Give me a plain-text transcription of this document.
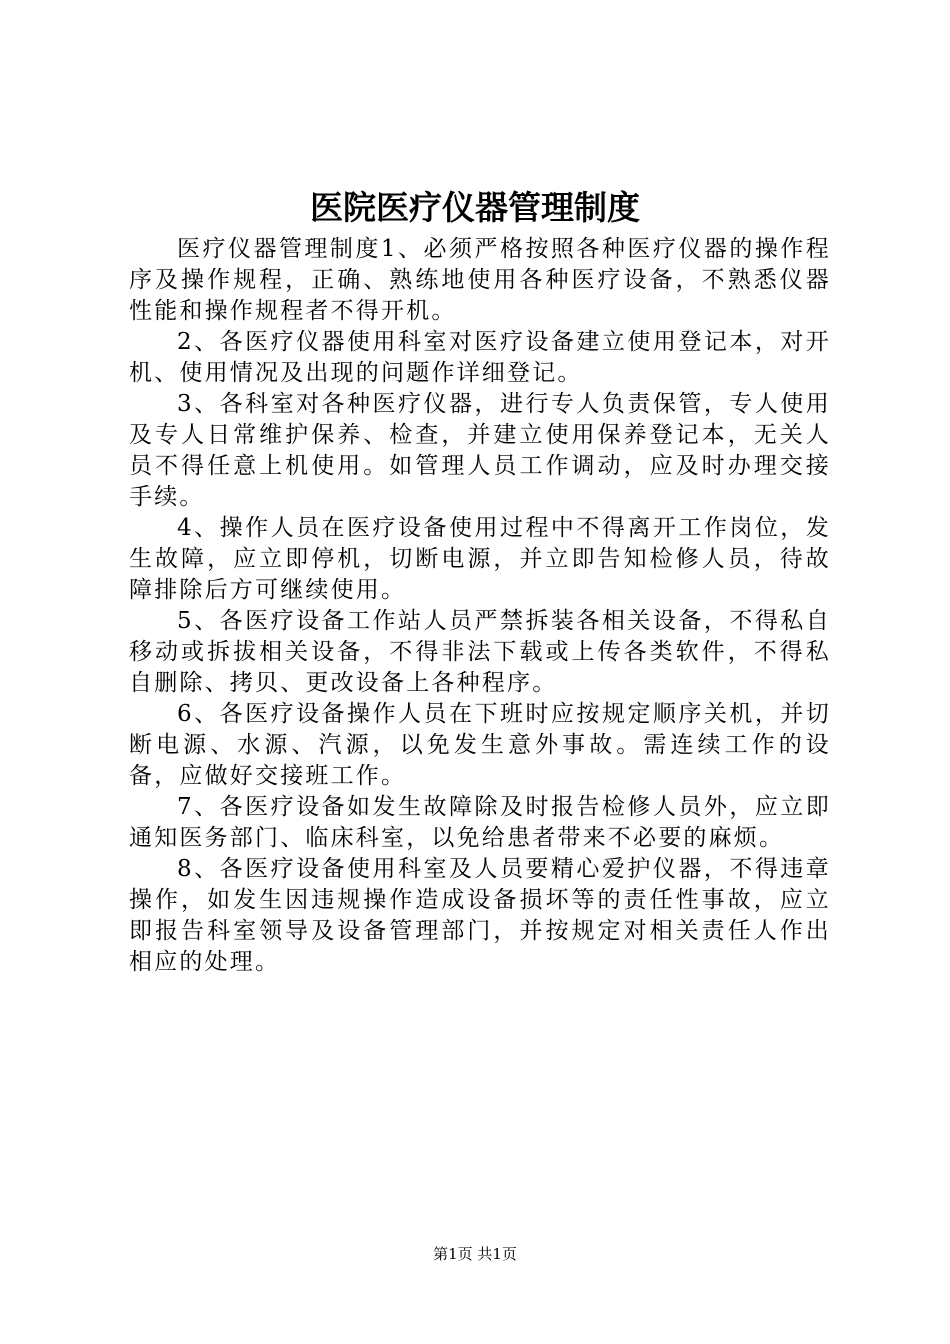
医院医疗仪器管理制度

医疗仪器管理制度1、必须严格按照各种医疗仪器的操作程序及操作规程，正确、熟练地使用各种医疗设备，不熟悉仪器性能和操作规程者不得开机。

2、各医疗仪器使用科室对医疗设备建立使用登记本，对开机、使用情况及出现的问题作详细登记。

3、各科室对各种医疗仪器，进行专人负责保管，专人使用及专人日常维护保养、检查，并建立使用保养登记本，无关人员不得任意上机使用。如管理人员工作调动，应及时办理交接手续。

4、操作人员在医疗设备使用过程中不得离开工作岗位，发生故障，应立即停机，切断电源，并立即告知检修人员，待故障排除后方可继续使用。

5、各医疗设备工作站人员严禁拆装各相关设备，不得私自移动或拆拔相关设备，不得非法下载或上传各类软件，不得私自删除、拷贝、更改设备上各种程序。

6、各医疗设备操作人员在下班时应按规定顺序关机，并切断电源、水源、汽源，以免发生意外事故。需连续工作的设备，应做好交接班工作。

7、各医疗设备如发生故障除及时报告检修人员外，应立即通知医务部门、临床科室，以免给患者带来不必要的麻烦。

8、各医疗设备使用科室及人员要精心爱护仪器，不得违章操作，如发生因违规操作造成设备损坏等的责任性事故，应立即报告科室领导及设备管理部门，并按规定对相关责任人作出相应的处理。

第1页 共1页
